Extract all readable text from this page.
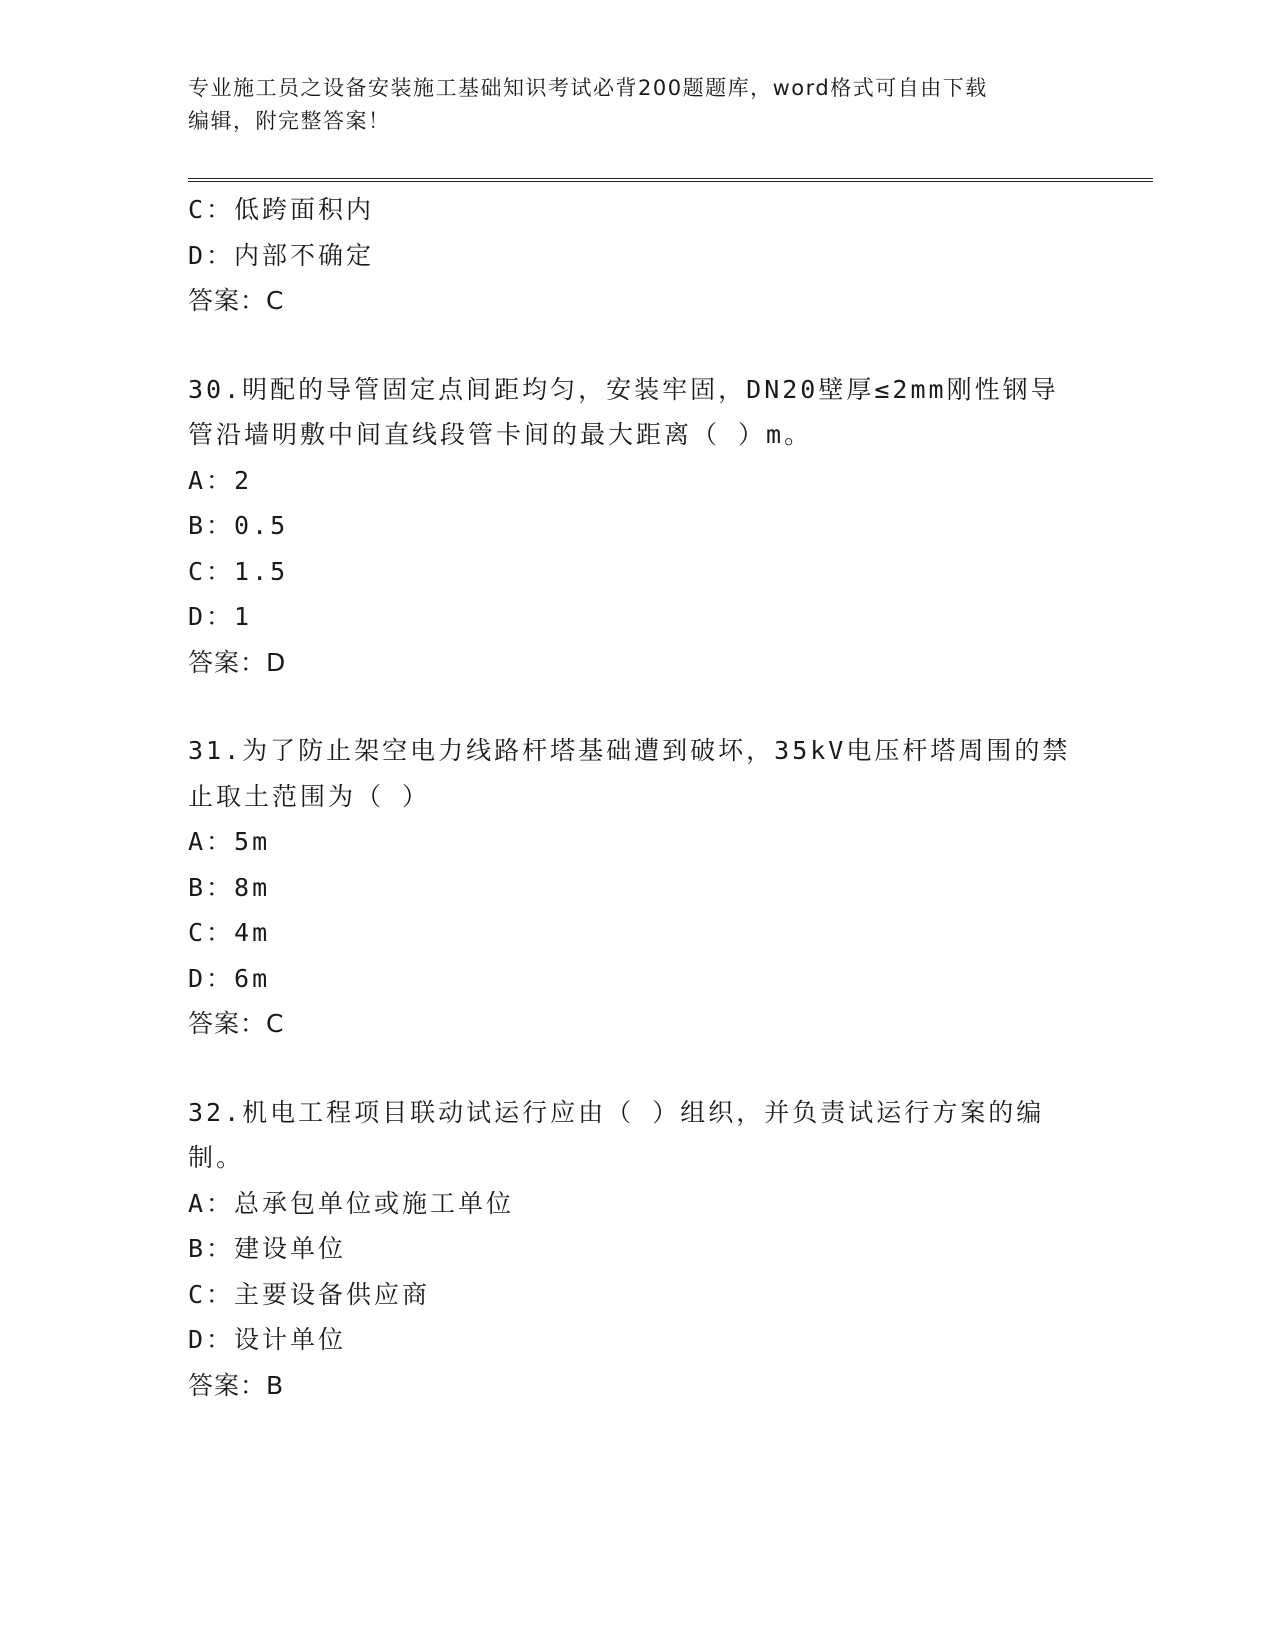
专业施工员之设备安装施工基础知识考试必背200题题库，word格式可自由下载
编辑，附完整答案！
C：低跨面积内
D：内部不确定
答案：C
30.明配的导管固定点间距均匀，安装牢固，DN20壁厚≤2mm刚性钢导
管沿墙明敷中间直线段管卡间的最大距离（ ）m。
A：2
B：0.5
C：1.5
D：1
答案：D
31.为了防止架空电力线路杆塔基础遭到破坏，35kV电压杆塔周围的禁
止取土范围为（ ）
A：5m
B：8m
C：4m
D：6m
答案：C
32.机电工程项目联动试运行应由（ ）组织，并负责试运行方案的编
制。
A：总承包单位或施工单位
B：建设单位
C：主要设备供应商
D：设计单位
答案：B
